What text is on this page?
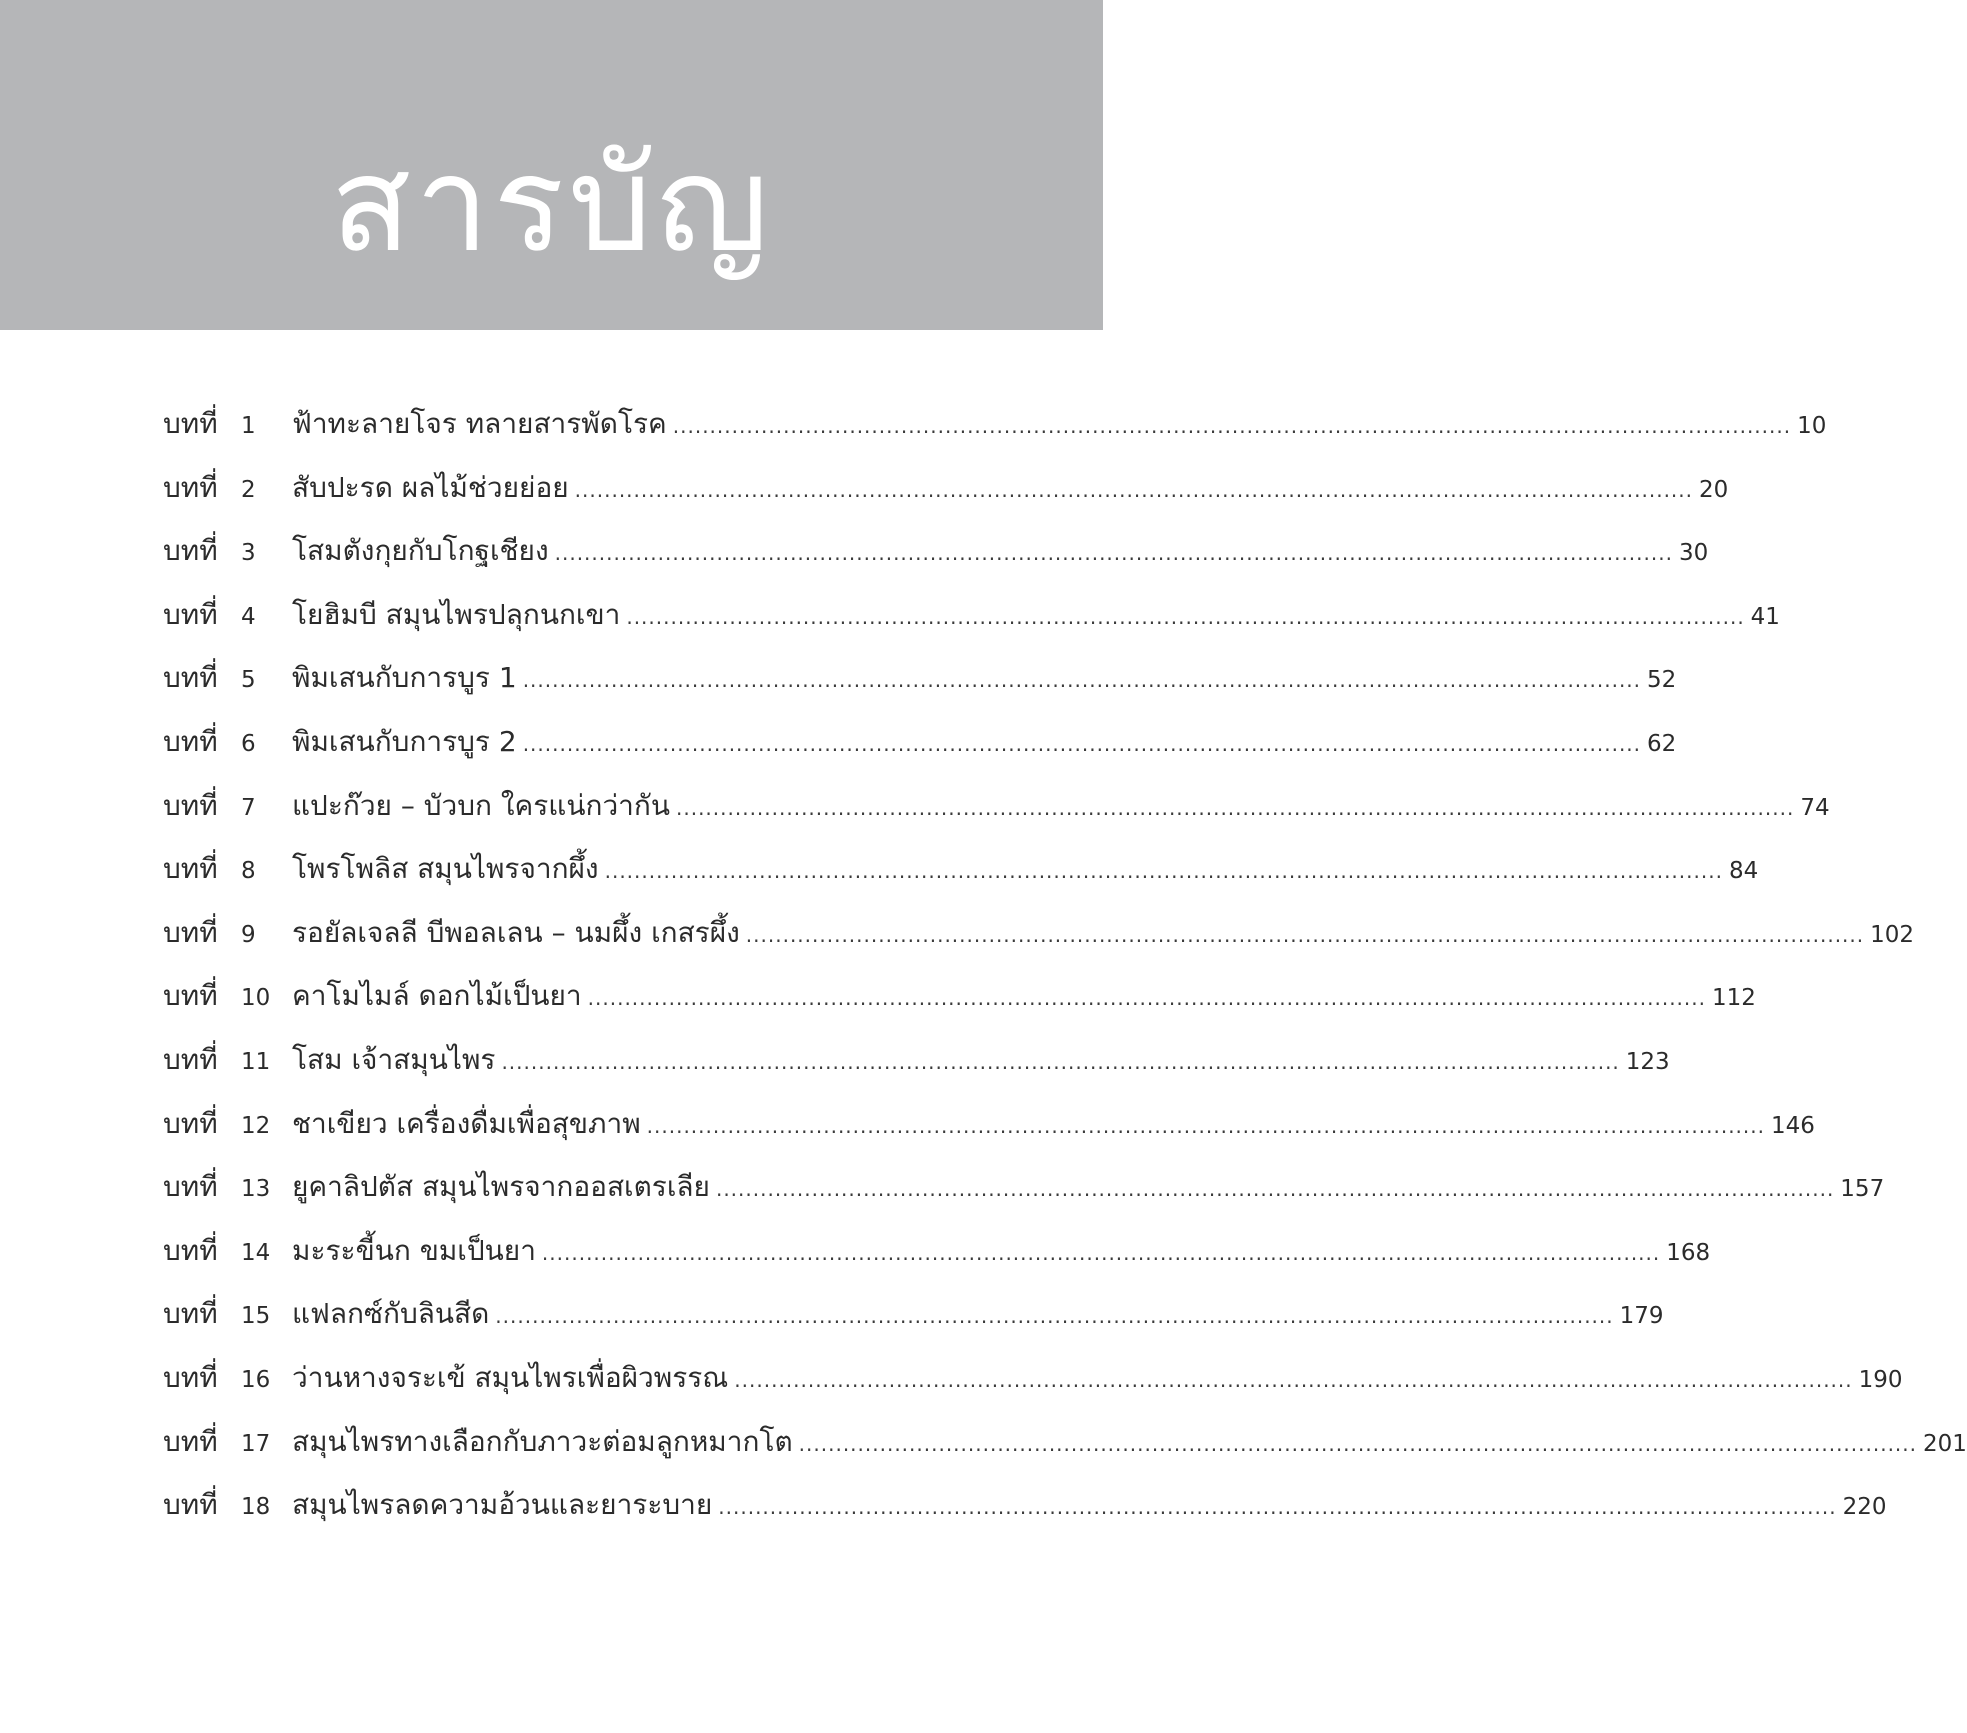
สารบัญ
บทที่	1	ฟ้าทะลายโจร ทลายสารพัดโรค .....	10
บทที่	2	สับปะรด ผลไม้ช่วยย่อย .....	20
บทที่	3	โสมตังกุยกับโกฐเชียง .....	30
บทที่	4	โยฮิมบี สมุนไพรปลุกนกเขา .....	41
บทที่	5	พิมเสนกับการบูร 1 .....	52
บทที่	6	พิมเสนกับการบูร 2 .....	62
บทที่	7	แปะก๊วย – บัวบก ใครแน่กว่ากัน .....	74
บทที่	8	โพรโพลิส สมุนไพรจากผึ้ง .....	84
บทที่	9	รอยัลเจลลี บีพอลเลน – นมผึ้ง เกสรผึ้ง .....	102
บทที่	10 คาโมไมล์ ดอกไม้เป็นยา .....	112
บทที่	11 โสม เจ้าสมุนไพร .....	123
บทที่	12 ชาเขียว เครื่องดื่มเพื่อสุขภาพ .....	146
บทที่	13 ยูคาลิปตัส สมุนไพรจากออสเตรเลีย .....	157
บทที่	14 มะระขี้นก ขมเป็นยา .....	168
บทที่	15 แฟลกซ์กับลินสีด .....	179
บทที่	16 ว่านหางจระเข้ สมุนไพรเพื่อผิวพรรณ .....	190
บทที่	17 สมุนไพรทางเลือกกับภาวะต่อมลูกหมากโต .....	201
บทที่	18 สมุนไพรลดความอ้วนและยาระบาย .....	220
